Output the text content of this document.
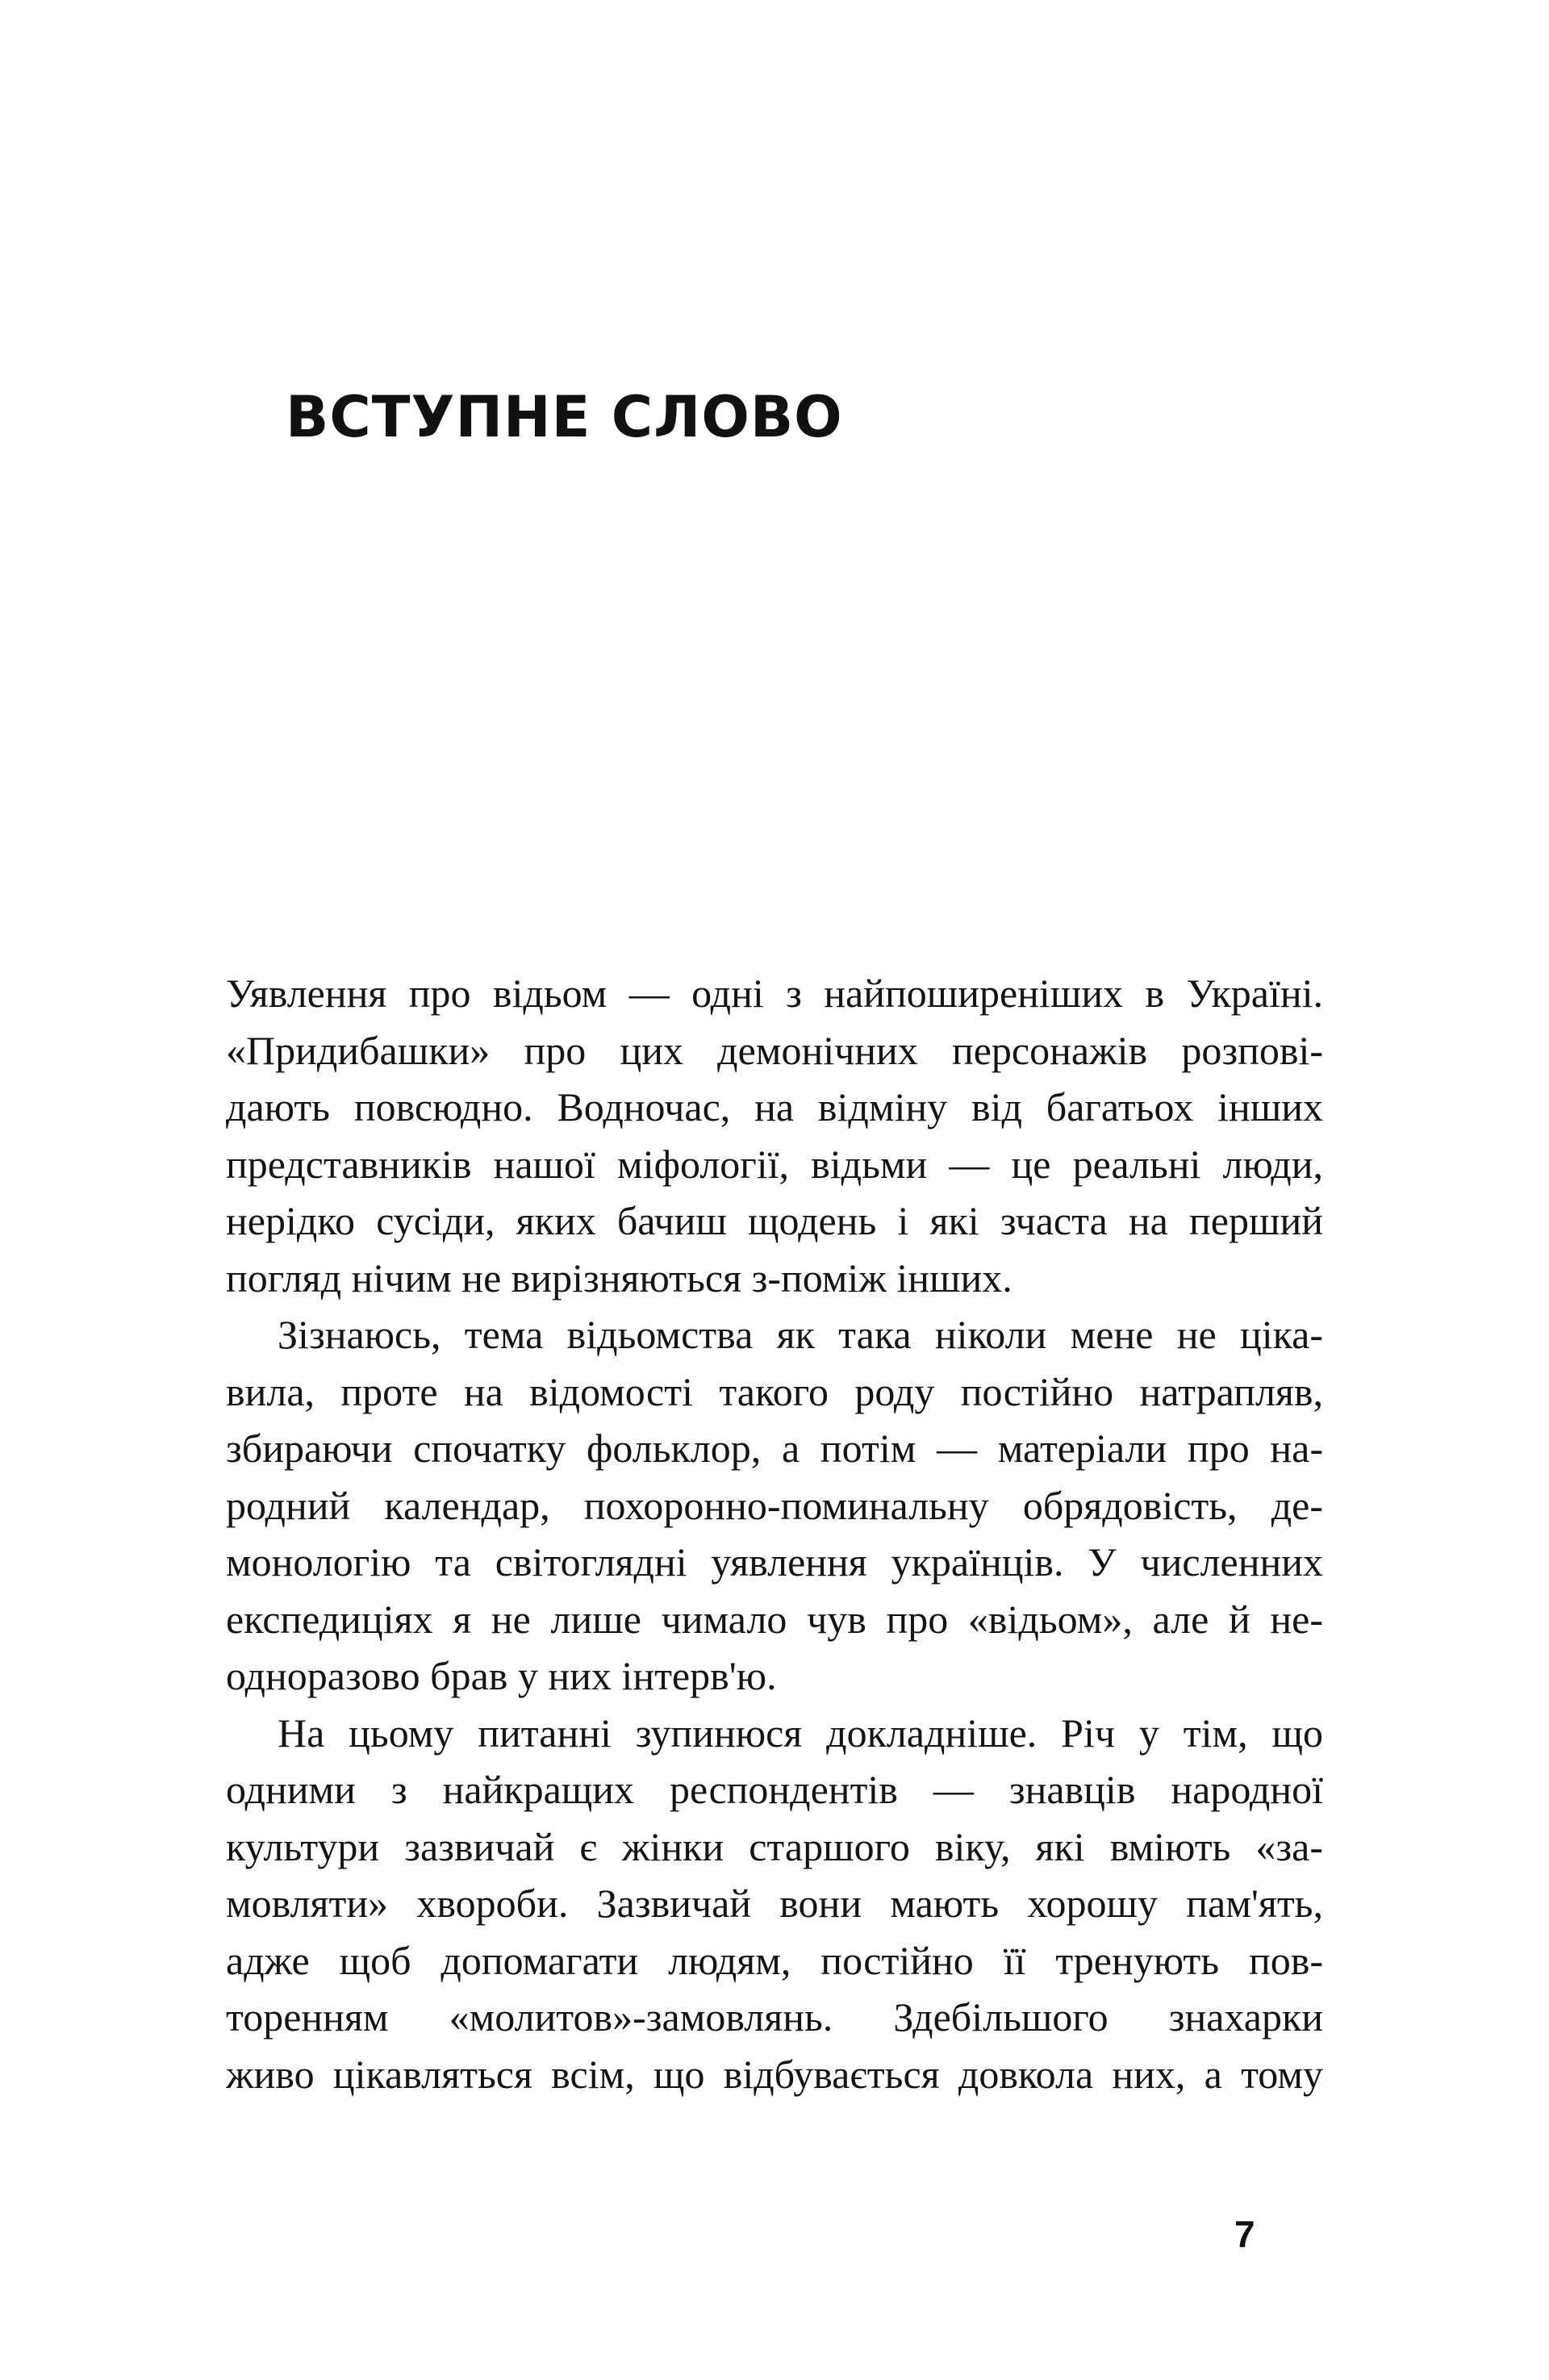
ВСТУПНЕ СЛОВО
Уявлення про відьом — одні з найпоширеніших в Україні.
«Придибашки» про цих демонічних персонажів розпові-
дають повсюдно. Водночас, на відміну від багатьох інших
представників нашої міфології, відьми — це реальні люди,
нерідко сусіди, яких бачиш щодень і які зчаста на перший
погляд нічим не вирізняються з-поміж інших.
Зізнаюсь, тема відьомства як така ніколи мене не ціка-
вила, проте на відомості такого роду постійно натрапляв,
збираючи спочатку фольклор, а потім — матеріали про на-
родний календар, похоронно-поминальну обрядовість, де-
монологію та світоглядні уявлення українців. У численних
експедиціях я не лише чимало чув про «відьом», але й не-
одноразово брав у них інтерв'ю.
На цьому питанні зупинюся докладніше. Річ у тім, що
одними з найкращих респондентів — знавців народної
культури зазвичай є жінки старшого віку, які вміють «за-
мовляти» хвороби. Зазвичай вони мають хорошу пам'ять,
адже щоб допомагати людям, постійно її тренують пов-
торенням «молитов»-замовлянь. Здебільшого знахарки
живо цікавляться всім, що відбувається довкола них, а тому
7
